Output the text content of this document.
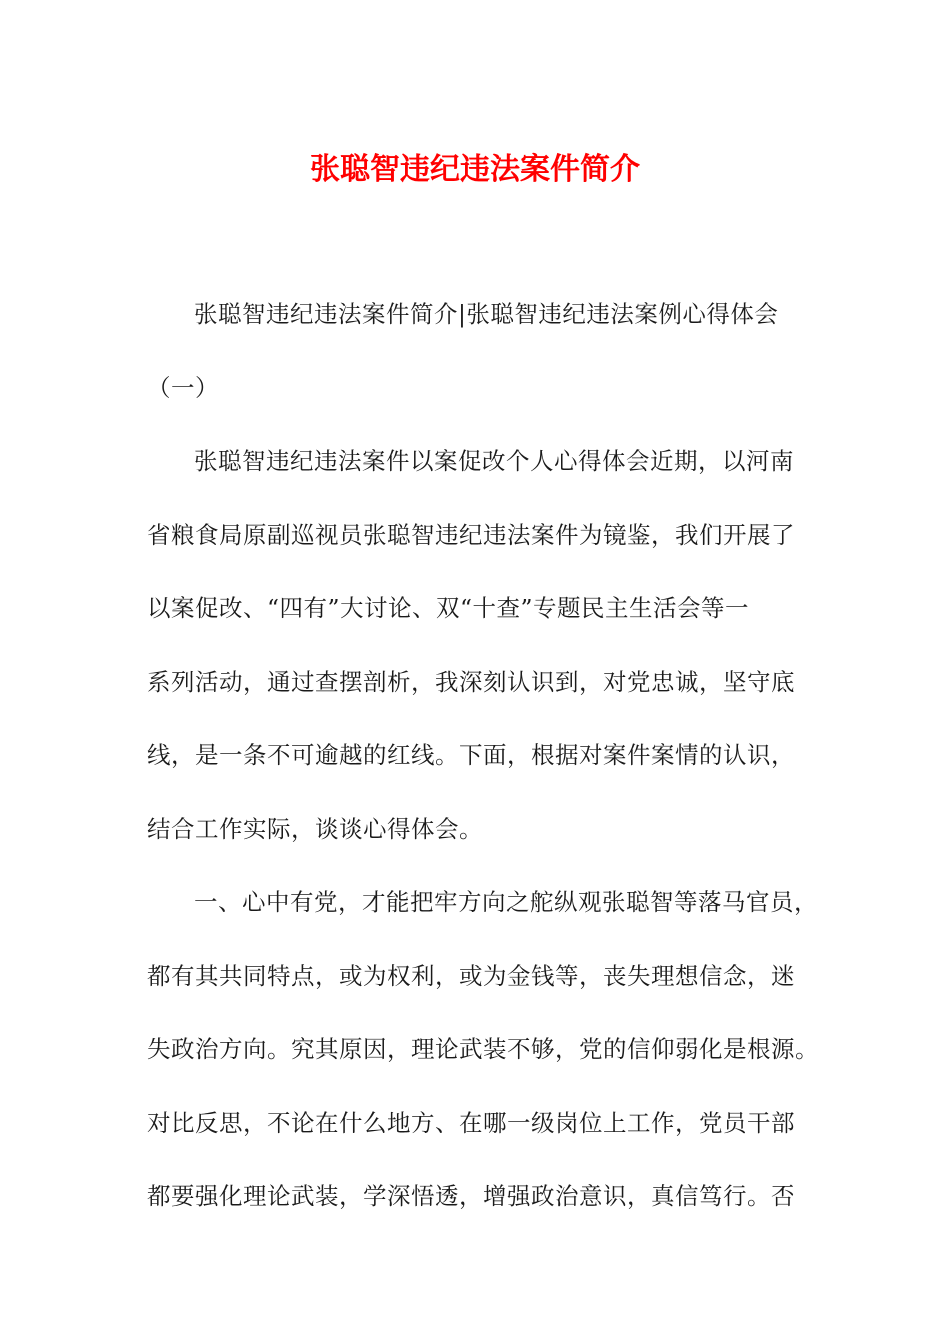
张聪智违纪违法案件简介
张聪智违纪违法案件简介|张聪智违纪违法案例心得体会
（一）
张聪智违纪违法案件以案促改个人心得体会近期，以河南
省粮食局原副巡视员张聪智违纪违法案件为镜鉴，我们开展了
以案促改、“四有”大讨论、双“十查”专题民主生活会等一
系列活动，通过查摆剖析，我深刻认识到，对党忠诚，坚守底
线，是一条不可逾越的红线。下面，根据对案件案情的认识，
结合工作实际，谈谈心得体会。
一、心中有党，才能把牢方向之舵纵观张聪智等落马官员，
都有其共同特点，或为权利，或为金钱等，丧失理想信念，迷
失政治方向。究其原因，理论武装不够，党的信仰弱化是根源。
对比反思，不论在什么地方、在哪一级岗位上工作，党员干部
都要强化理论武装，学深悟透，增强政治意识，真信笃行。否
